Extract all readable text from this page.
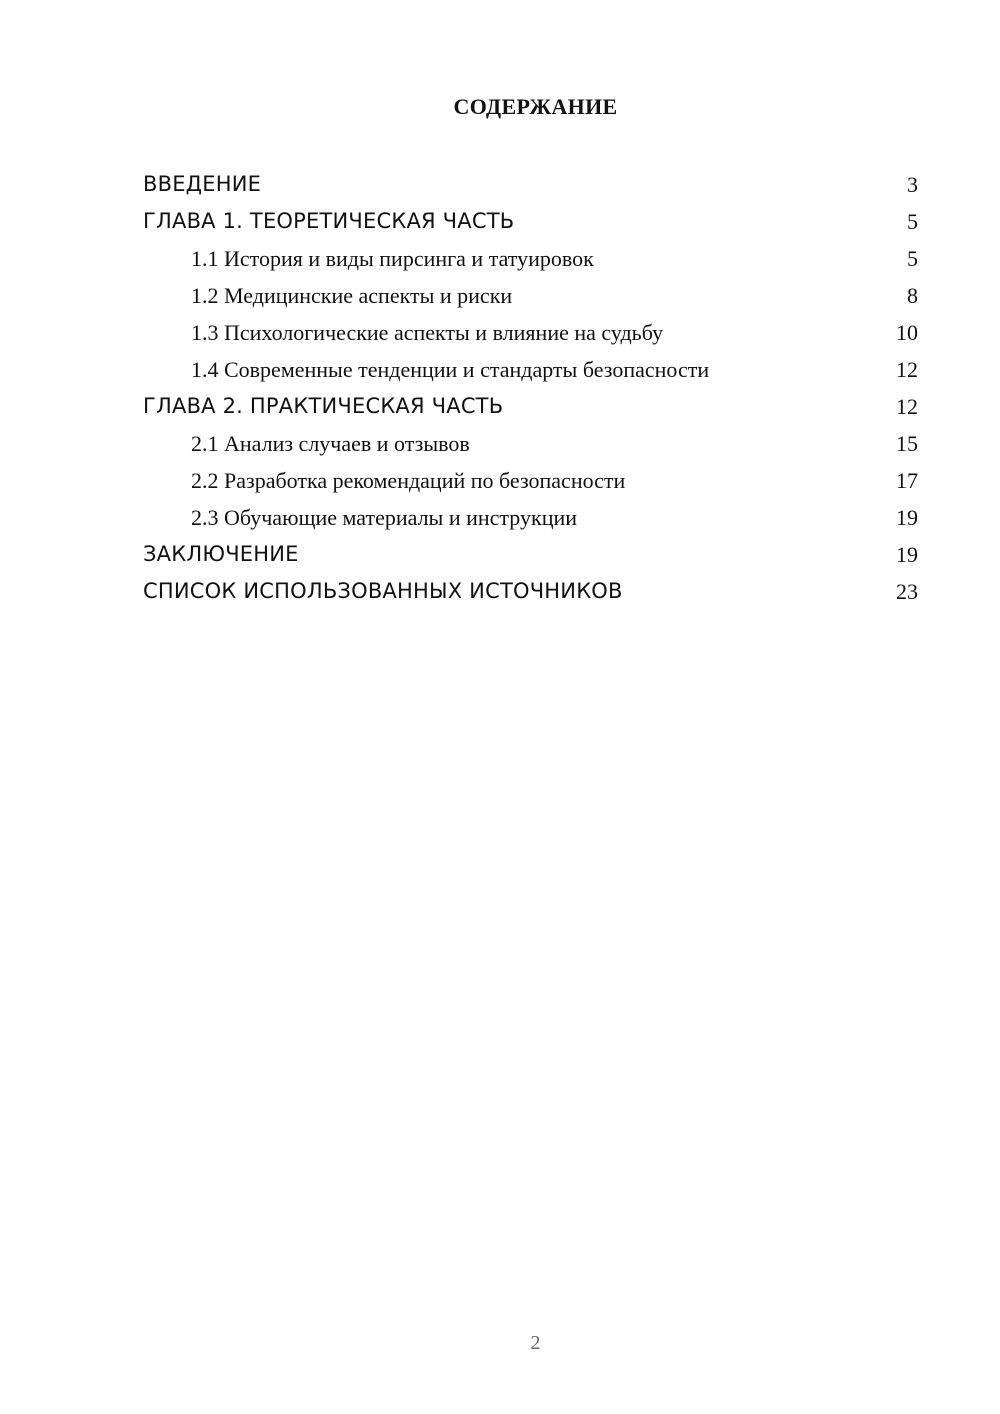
СОДЕРЖАНИЕ
ВВЕДЕНИЕ	3
ГЛАВА 1. ТЕОРЕТИЧЕСКАЯ ЧАСТЬ	5
1.1 История и виды пирсинга и татуировок	5
1.2 Медицинские аспекты и риски	8
1.3 Психологические аспекты и влияние на судьбу	10
1.4 Современные тенденции и стандарты безопасности	12
ГЛАВА 2. ПРАКТИЧЕСКАЯ ЧАСТЬ	12
2.1 Анализ случаев и отзывов	15
2.2 Разработка рекомендаций по безопасности	17
2.3 Обучающие материалы и инструкции	19
ЗАКЛЮЧЕНИЕ	19
СПИСОК ИСПОЛЬЗОВАННЫХ ИСТОЧНИКОВ	23
2
